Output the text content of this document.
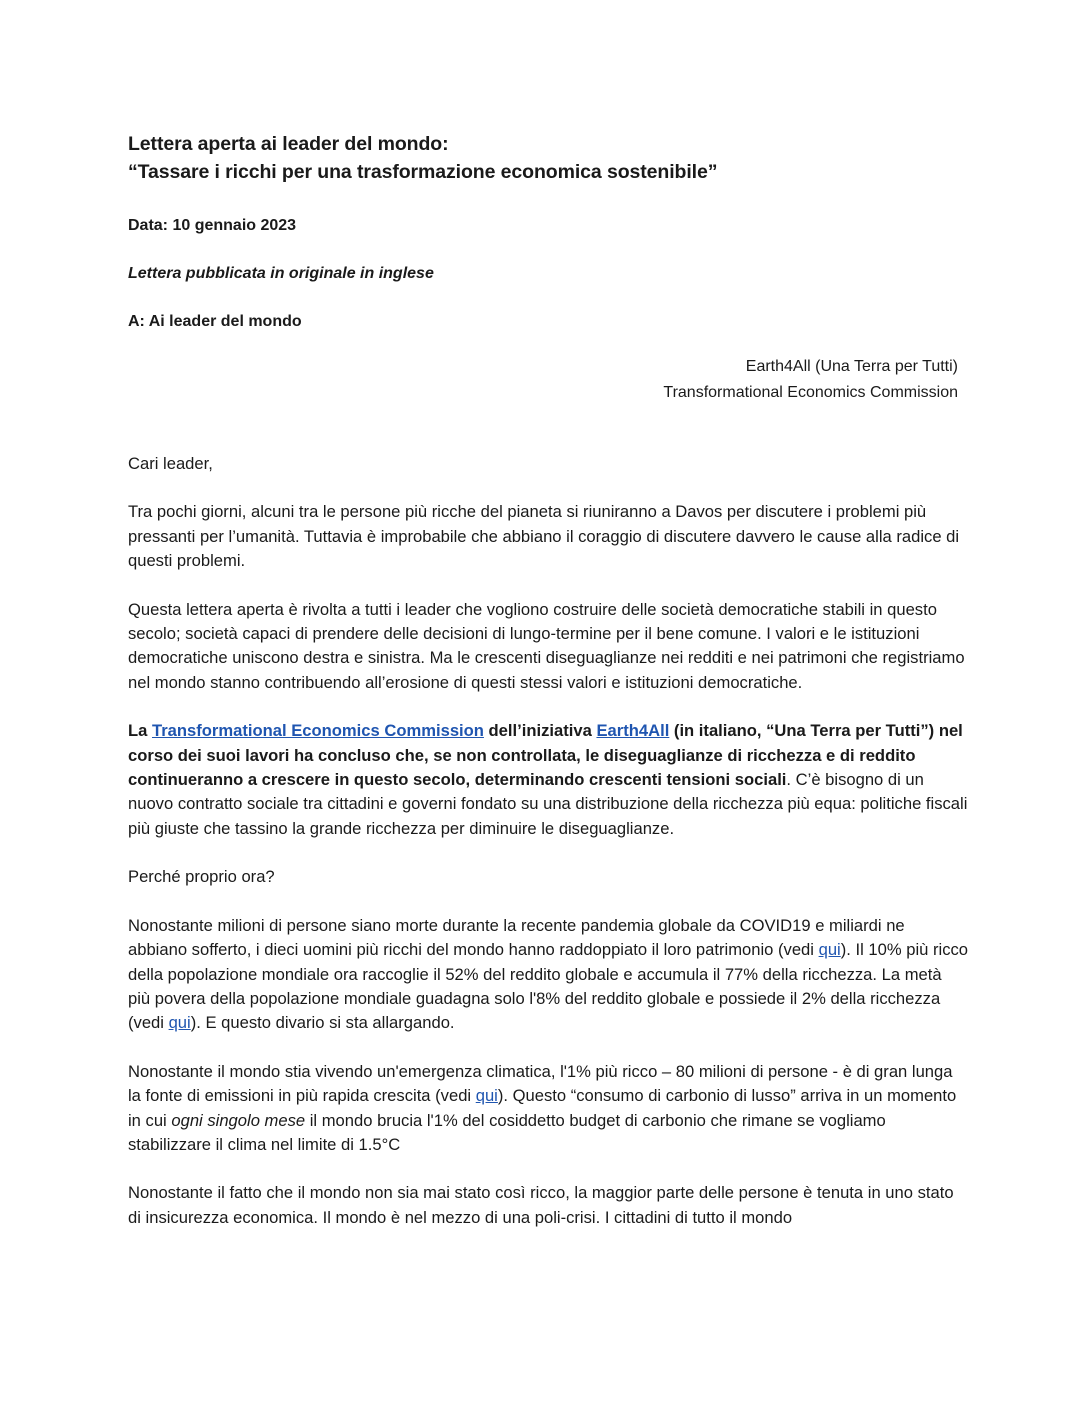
Lettera aperta ai leader del mondo:

“Tassare i ricchi per una trasformazione economica sostenibile”

Data: 10 gennaio 2023

Lettera pubblicata in originale in inglese

A: Ai leader del mondo

Earth4All (Una Terra per Tutti)
Transformational Economics Commission

Cari leader,

Tra pochi giorni, alcuni tra le persone più ricche del pianeta si riuniranno a Davos per discutere i problemi più pressanti per l’umanità. Tuttavia è improbabile che abbiano il coraggio di discutere davvero le cause alla radice di questi problemi.

Questa lettera aperta è rivolta a tutti i leader che vogliono costruire delle società democratiche stabili in questo secolo; società capaci di prendere delle decisioni di lungo-termine per il bene comune. I valori e le istituzioni democratiche uniscono destra e sinistra. Ma le crescenti diseguaglianze nei redditi e nei patrimoni che registriamo nel mondo stanno contribuendo all’erosione di questi stessi valori e istituzioni democratiche.

La Transformational Economics Commission dell’iniziativa Earth4All (in italiano, “Una Terra per Tutti”) nel corso dei suoi lavori ha concluso che, se non controllata, le diseguaglianze di ricchezza e di reddito continueranno a crescere in questo secolo, determinando crescenti tensioni sociali. C’è bisogno di un nuovo contratto sociale tra cittadini e governi fondato su una distribuzione della ricchezza più equa: politiche fiscali più giuste che tassino la grande ricchezza per diminuire le diseguaglianze.

Perché proprio ora?

Nonostante milioni di persone siano morte durante la recente pandemia globale da COVID19 e miliardi ne abbiano sofferto, i dieci uomini più ricchi del mondo hanno raddoppiato il loro patrimonio (vedi qui). Il 10% più ricco della popolazione mondiale ora raccoglie il 52% del reddito globale e accumula il 77% della ricchezza. La metà più povera della popolazione mondiale guadagna solo l'8% del reddito globale e possiede il 2% della ricchezza (vedi qui). E questo divario si sta allargando.

Nonostante il mondo stia vivendo un'emergenza climatica, l'1% più ricco – 80 milioni di persone - è di gran lunga la fonte di emissioni in più rapida crescita (vedi qui). Questo “consumo di carbonio di lusso” arriva in un momento in cui ogni singolo mese il mondo brucia l'1% del cosiddetto budget di carbonio che rimane se vogliamo stabilizzare il clima nel limite di 1.5°C

Nonostante il fatto che il mondo non sia mai stato così ricco, la maggior parte delle persone è tenuta in uno stato di insicurezza economica. Il mondo è nel mezzo di una poli-crisi. I cittadini di tutto il mondo
